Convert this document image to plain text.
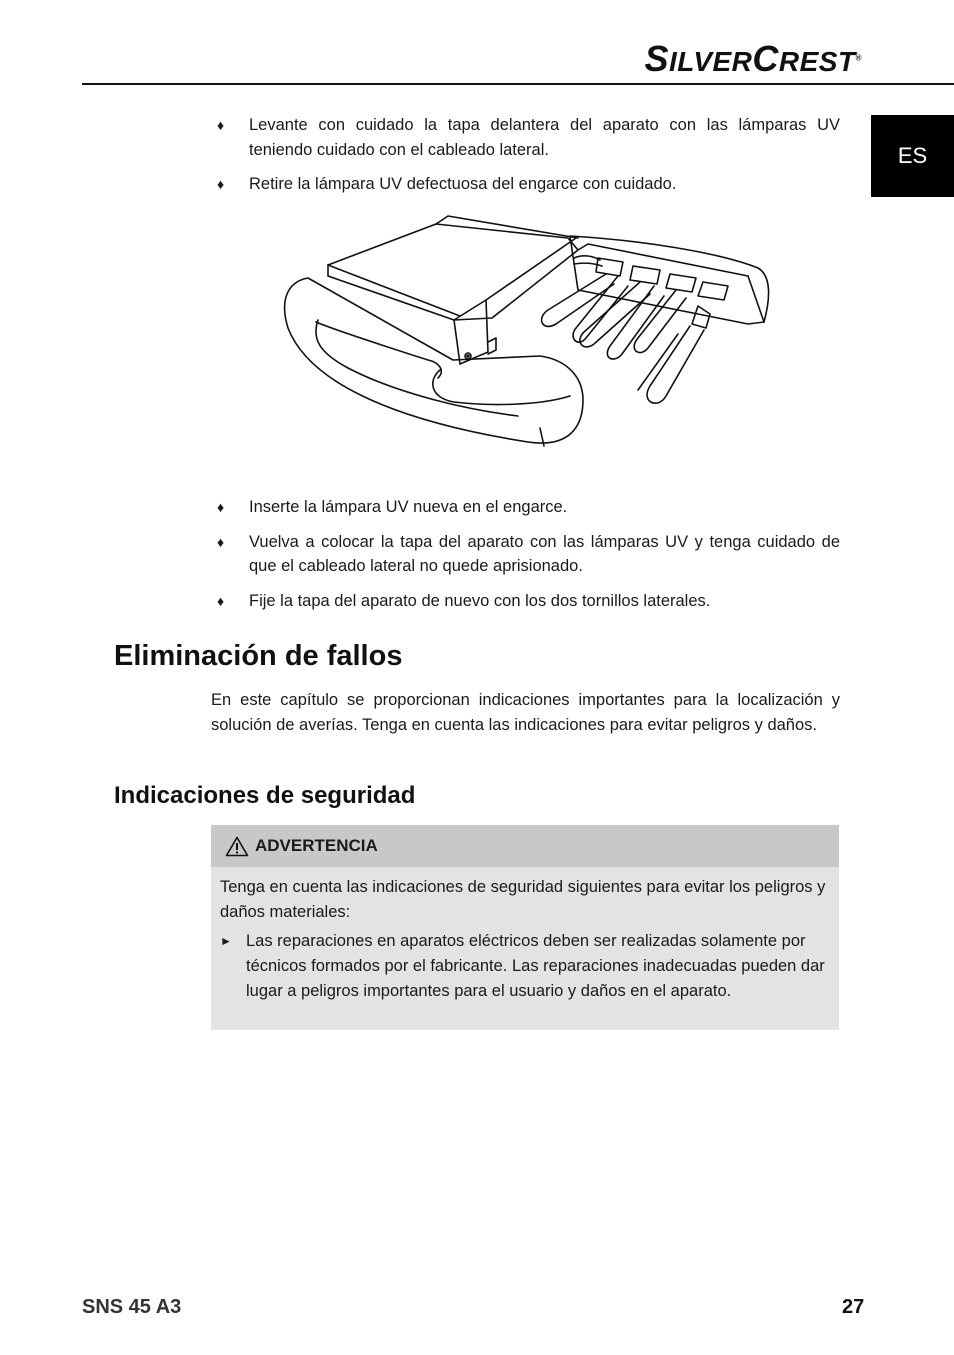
SILVERCREST®
ES
♦ Levante con cuidado la tapa delantera del aparato con las lámparas UV teniendo cuidado con el cableado lateral.
♦ Retire la lámpara UV defectuosa del engarce con cuidado.
♦ Inserte la lámpara UV nueva en el engarce.
♦ Vuelva a colocar la tapa del aparato con las lámparas UV y tenga cuidado de que el cableado lateral no quede aprisionado.
♦ Fije la tapa del aparato de nuevo con los dos tornillos laterales.
Eliminación de fallos

En este capítulo se proporcionan indicaciones importantes para la localización y solución de averías. Tenga en cuenta las indicaciones para evitar peligros y daños.

Indicaciones de seguridad
ADVERTENCIA

Tenga en cuenta las indicaciones de seguridad siguientes para evitar los peligros y daños materiales:

► Las reparaciones en aparatos eléctricos deben ser realizadas solamente por técnicos formados por el fabricante. Las reparaciones inadecuadas pueden dar lugar a peligros importantes para el usuario y daños en el aparato.
SNS 45 A3	27
